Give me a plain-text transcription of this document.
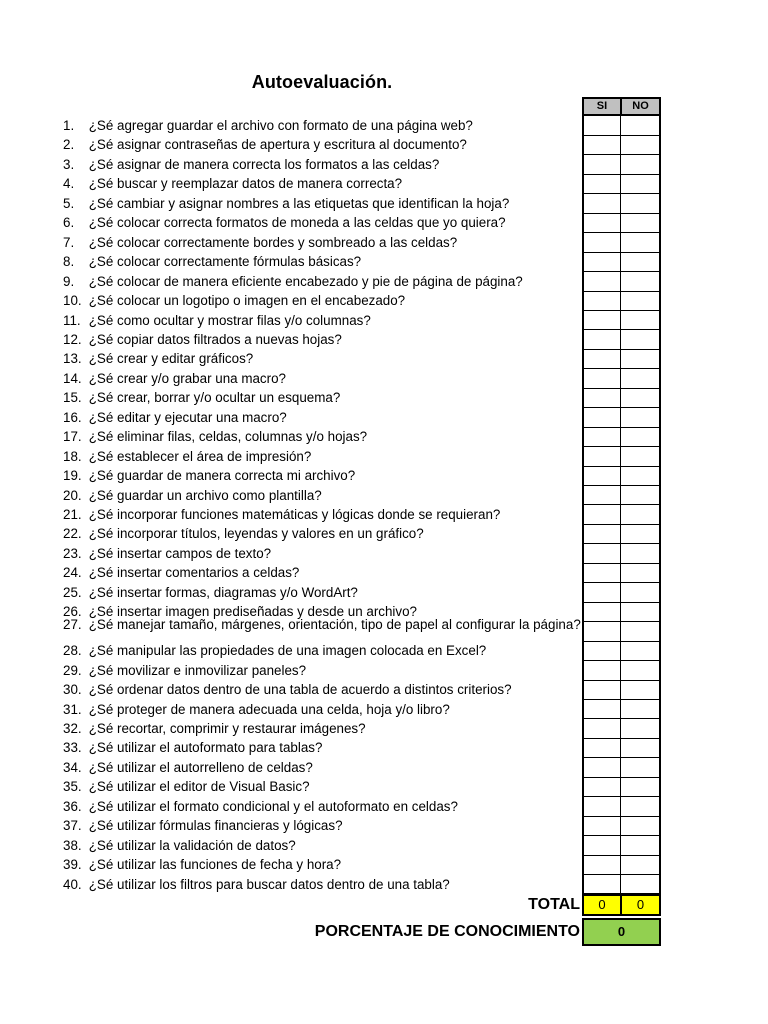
Autoevaluación.
SI	NO
1. ¿Sé agregar guardar el archivo con formato de una página web?
2. ¿Sé asignar contraseñas de apertura y escritura al documento?
3. ¿Sé asignar de manera correcta los formatos a las celdas?
4. ¿Sé buscar y reemplazar datos de manera correcta?
5. ¿Sé cambiar y asignar nombres a las etiquetas que identifican la hoja?
6. ¿Sé colocar correcta formatos de moneda a las celdas que yo quiera?
7. ¿Sé colocar correctamente bordes y sombreado a las celdas?
8. ¿Sé colocar correctamente fórmulas básicas?
9. ¿Sé colocar de manera eficiente encabezado y pie de página de página?
10. ¿Sé colocar un logotipo o imagen en el encabezado?
11. ¿Sé como ocultar y mostrar filas y/o columnas?
12. ¿Sé copiar datos filtrados a nuevas hojas?
13. ¿Sé crear y editar gráficos?
14. ¿Sé crear y/o grabar una macro?
15. ¿Sé crear, borrar y/o ocultar un esquema?
16. ¿Sé editar y ejecutar una macro?
17. ¿Sé eliminar filas, celdas, columnas y/o hojas?
18. ¿Sé establecer el área de impresión?
19. ¿Sé guardar de manera correcta mi archivo?
20. ¿Sé guardar un archivo como plantilla?
21. ¿Sé incorporar funciones matemáticas y lógicas donde se requieran?
22. ¿Sé incorporar títulos, leyendas y valores en un gráfico?
23. ¿Sé insertar campos de texto?
24. ¿Sé insertar comentarios a celdas?
25. ¿Sé insertar formas, diagramas y/o WordArt?
26. ¿Sé insertar imagen prediseñadas y desde un archivo?
27. ¿Sé manejar tamaño, márgenes, orientación, tipo de papel al configurar la página?
28. ¿Sé manipular las propiedades de una imagen colocada en Excel?
29. ¿Sé movilizar e inmovilizar paneles?
30. ¿Sé ordenar datos dentro de una tabla de acuerdo a distintos criterios?
31. ¿Sé proteger de manera adecuada una celda, hoja y/o libro?
32. ¿Sé recortar, comprimir y restaurar imágenes?
33. ¿Sé utilizar el autoformato para tablas?
34. ¿Sé utilizar el autorrelleno de celdas?
35. ¿Sé utilizar el editor de Visual Basic?
36. ¿Sé utilizar el formato condicional y el autoformato en celdas?
37. ¿Sé utilizar fórmulas financieras y lógicas?
38. ¿Sé utilizar la validación de datos?
39. ¿Sé utilizar las funciones de fecha y hora?
40. ¿Sé utilizar los filtros para buscar datos dentro de una tabla?
TOTAL	0	0
PORCENTAJE DE CONOCIMIENTO	0
